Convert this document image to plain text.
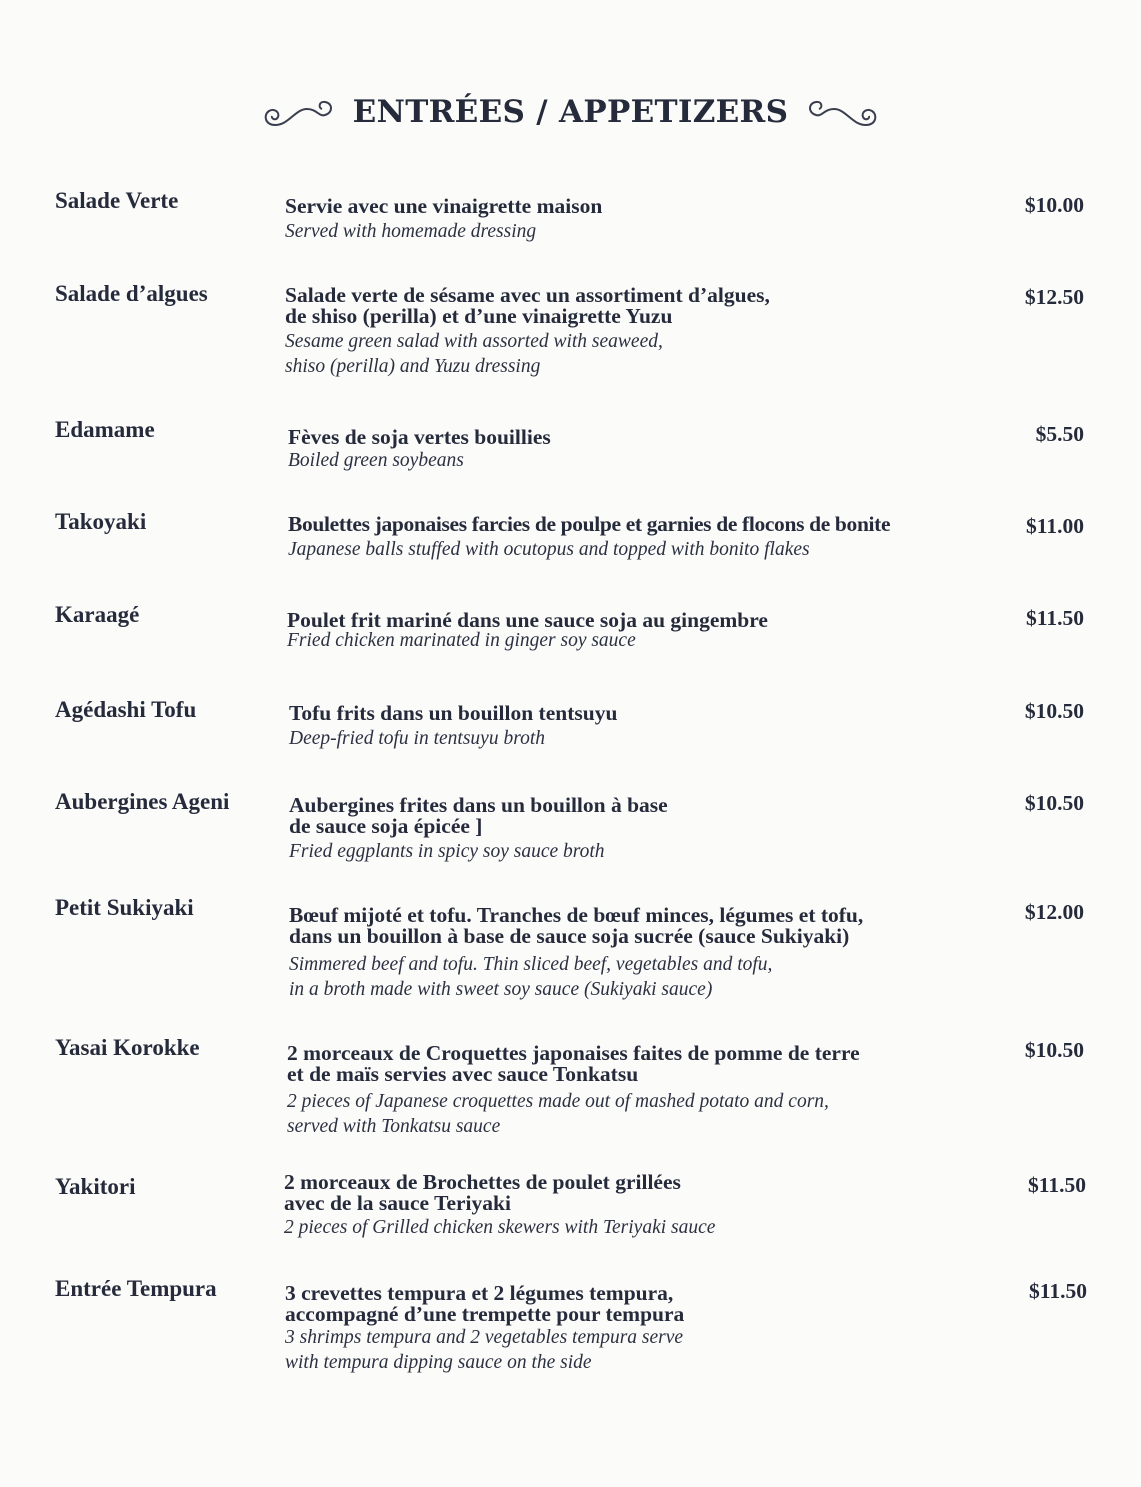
ENTRÉES / APPETIZERS
Salade Verte	Servie avec une vinaigrette maison
Served with homemade dressing
$10.00
Salade d’algues	Salade verte de sésame avec un assortiment d’algues,
de shiso (perilla) et d’une vinaigrette Yuzu
Sesame green salad with assorted with seaweed,
shiso (perilla) and Yuzu dressing
$12.50
Edamame	Fèves de soja vertes bouillies
Boiled green soybeans
$5.50
Takoyaki	Boulettes japonaises farcies de poulpe et garnies de flocons de bonite
Japanese balls stuffed with ocutopus and topped with bonito flakes
$11.00
Karaagé	Poulet frit mariné dans une sauce soja au gingembre
Fried chicken marinated in ginger soy sauce
$11.50
Agédashi Tofu	Tofu frits dans un bouillon tentsuyu
Deep-fried tofu in tentsuyu broth
$10.50
Aubergines Ageni	Aubergines frites dans un bouillon à base
de sauce soja épicée ]
Fried eggplants in spicy soy sauce broth
$10.50
Petit Sukiyaki	Bœuf mijoté et tofu. Tranches de bœuf minces, légumes et tofu,
dans un bouillon à base de sauce soja sucrée (sauce Sukiyaki)
Simmered beef and tofu. Thin sliced beef, vegetables and tofu,
in a broth made with sweet soy sauce (Sukiyaki sauce)
$12.00
Yasai Korokke	2 morceaux de Croquettes japonaises faites de pomme de terre
et de maïs servies avec sauce Tonkatsu
2 pieces of Japanese croquettes made out of mashed potato and corn,
served with Tonkatsu sauce
$10.50
Yakitori	2 morceaux de Brochettes de poulet grillées
avec de la sauce Teriyaki
2 pieces of Grilled chicken skewers with Teriyaki sauce
$11.50
Entrée Tempura	3 crevettes tempura et 2 légumes tempura,
accompagné d’une trempette pour tempura
3 shrimps tempura and 2 vegetables tempura serve
with tempura dipping sauce on the side
$11.50
